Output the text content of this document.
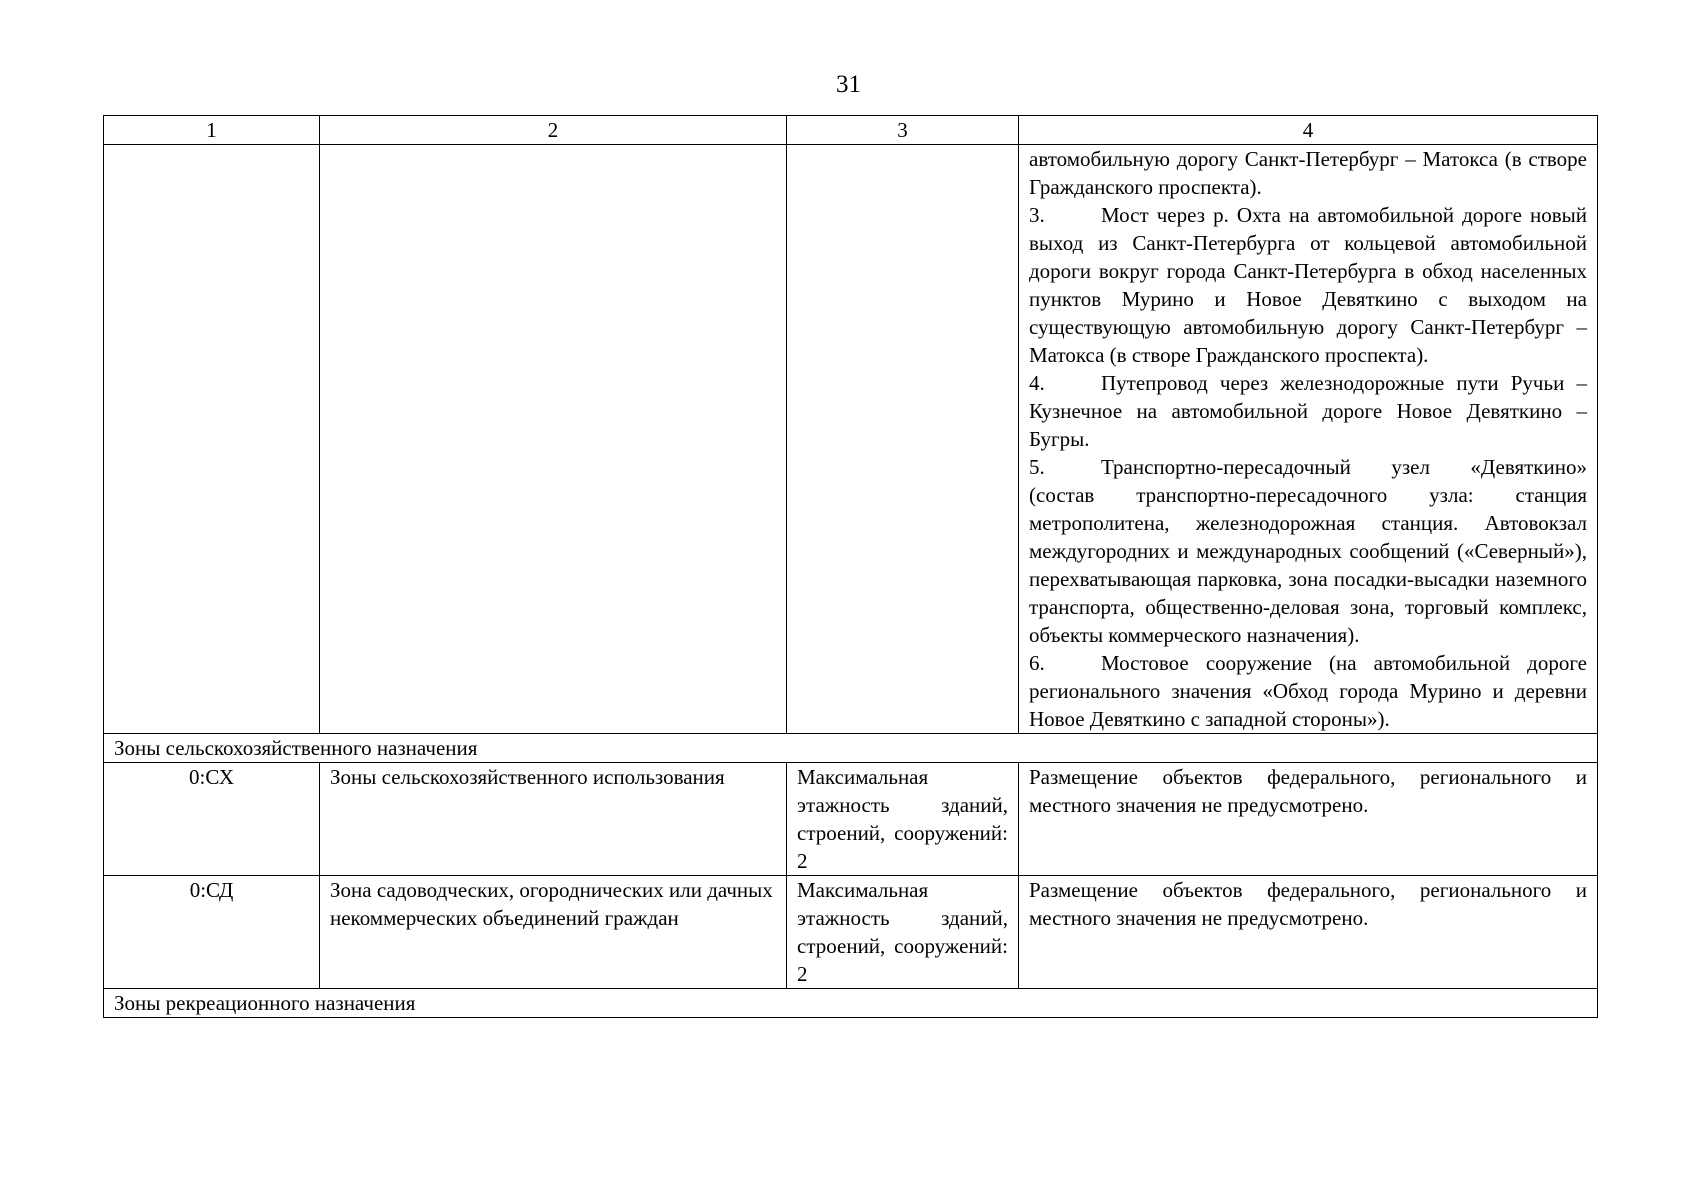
31
1	2	3	4

			автомобильную дорогу Санкт-Петербург – Матокса (в створе Гражданского проспекта).
3. Мост через р. Охта на автомобильной дороге новый выход из Санкт-Петербурга от кольцевой автомобильной дороги вокруг города Санкт-Петербурга в обход населенных пунктов Мурино и Новое Девяткино с выходом на существующую автомобильную дорогу Санкт-Петербург – Матокса (в створе Гражданского проспекта).
4. Путепровод через железнодорожные пути Ручьи – Кузнечное на автомобильной дороге Новое Девяткино – Бугры.
5. Транспортно-пересадочный узел «Девяткино» (состав транспортно-пересадочного узла: станция метрополитена, железнодорожная станция. Автовокзал междугородних и международных сообщений («Северный»), перехватывающая парковка, зона посадки-высадки наземного транспорта, общественно-деловая зона, торговый комплекс, объекты коммерческого назначения).
6. Мостовое сооружение (на автомобильной дороге регионального значения «Обход города Мурино и деревни Новое Девяткино с западной стороны»).

Зоны сельскохозяйственного назначения			
0:СХ	Зоны сельскохозяйственного использования	Максимальная этажность зданий, строений, сооружений: 2	Размещение объектов федерального, регионального и местного значения не предусмотрено.
0:СД	Зона садоводческих, огороднических или дачных некоммерческих объединений граждан	Максимальная этажность зданий, строений, сооружений: 2	Размещение объектов федерального, регионального и местного значения не предусмотрено.
Зоны рекреационного назначения			
